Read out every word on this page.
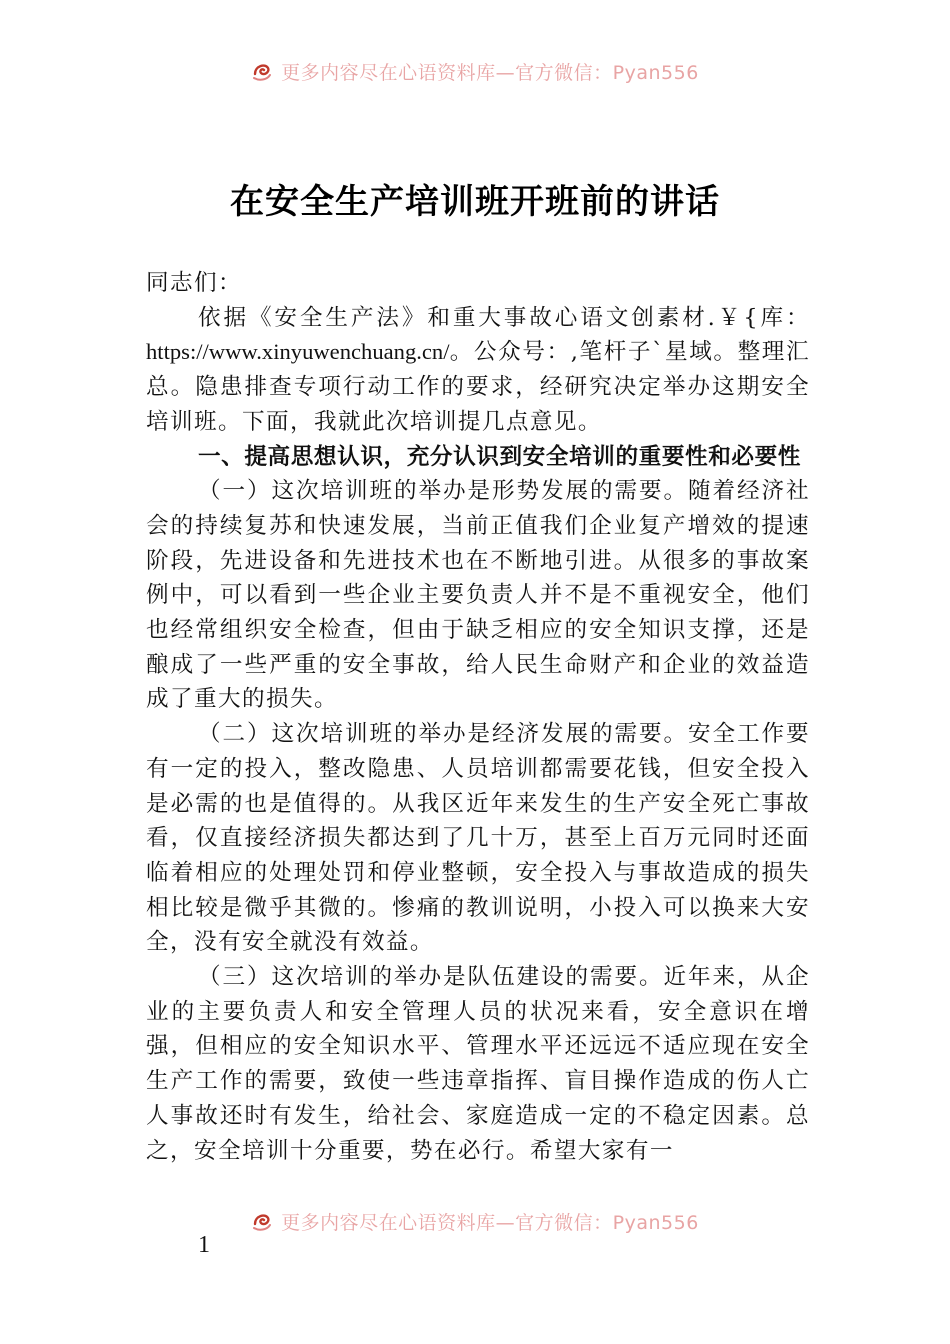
更多内容尽在心语资料库—官方微信：Pyan556
在安全生产培训班开班前的讲话

同志们：

依据《安全生产法》和重大事故心语文创素材.￥{库：https://www.xinyuwenchuang.cn/。公众号：,笔杆子`星域。整理汇总。隐患排查专项行动工作的要求，经研究决定举办这期安全培训班。下面，我就此次培训提几点意见。

一、提高思想认识，充分认识到安全培训的重要性和必要性

（一）这次培训班的举办是形势发展的需要。随着经济社会的持续复苏和快速发展，当前正值我们企业复产增效的提速阶段，先进设备和先进技术也在不断地引进。从很多的事故案例中，可以看到一些企业主要负责人并不是不重视安全，他们也经常组织安全检查，但由于缺乏相应的安全知识支撑，还是酿成了一些严重的安全事故，给人民生命财产和企业的效益造成了重大的损失。

（二）这次培训班的举办是经济发展的需要。安全工作要有一定的投入，整改隐患、人员培训都需要花钱，但安全投入是必需的也是值得的。从我区近年来发生的生产安全死亡事故看，仅直接经济损失都达到了几十万，甚至上百万元同时还面临着相应的处理处罚和停业整顿，安全投入与事故造成的损失相比较是微乎其微的。惨痛的教训说明，小投入可以换来大安全，没有安全就没有效益。

（三）这次培训的举办是队伍建设的需要。近年来，从企业的主要负责人和安全管理人员的状况来看，安全意识在增强，但相应的安全知识水平、管理水平还远远不适应现在安全生产工作的需要，致使一些违章指挥、盲目操作造成的伤人亡人事故还时有发生，给社会、家庭造成一定的不稳定因素。总之，安全培训十分重要，势在必行。希望大家有一

更多内容尽在心语资料库—官方微信：Pyan556
1
